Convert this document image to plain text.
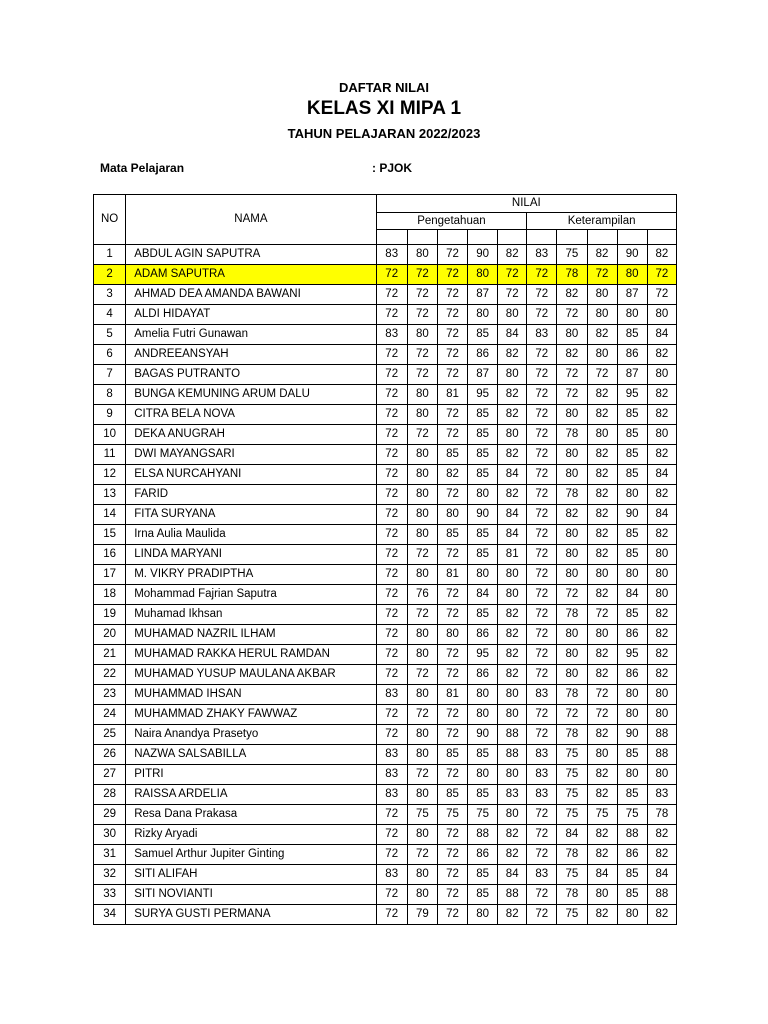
DAFTAR NILAI
KELAS XI MIPA 1
TAHUN PELAJARAN 2022/2023
Mata Pelajaran	: PJOK
NO	NAMA	NILAI									
		Pengetahuan					Keterampilan				

1	ABDUL AGIN SAPUTRA	83	80	72	90	82	83	75	82	90	82
2	ADAM SAPUTRA	72	72	72	80	72	72	78	72	80	72
3	AHMAD DEA AMANDA BAWANI	72	72	72	87	72	72	82	80	87	72
4	ALDI HIDAYAT	72	72	72	80	80	72	72	80	80	80
5	Amelia Futri Gunawan	83	80	72	85	84	83	80	82	85	84
6	ANDREEANSYAH	72	72	72	86	82	72	82	80	86	82
7	BAGAS PUTRANTO	72	72	72	87	80	72	72	72	87	80
8	BUNGA KEMUNING ARUM DALU	72	80	81	95	82	72	72	82	95	82
9	CITRA BELA NOVA	72	80	72	85	82	72	80	82	85	82
10	DEKA ANUGRAH	72	72	72	85	80	72	78	80	85	80
11	DWI MAYANGSARI	72	80	85	85	82	72	80	82	85	82
12	ELSA NURCAHYANI	72	80	82	85	84	72	80	82	85	84
13	FARID	72	80	72	80	82	72	78	82	80	82
14	FITA SURYANA	72	80	80	90	84	72	82	82	90	84
15	Irna Aulia Maulida	72	80	85	85	84	72	80	82	85	82
16	LINDA MARYANI	72	72	72	85	81	72	80	82	85	80
17	M. VIKRY PRADIPTHA	72	80	81	80	80	72	80	80	80	80
18	Mohammad Fajrian Saputra	72	76	72	84	80	72	72	82	84	80
19	Muhamad Ikhsan	72	72	72	85	82	72	78	72	85	82
20	MUHAMAD NAZRIL ILHAM	72	80	80	86	82	72	80	80	86	82
21	MUHAMAD RAKKA HERUL RAMDAN	72	80	72	95	82	72	80	82	95	82
22	MUHAMAD YUSUP MAULANA AKBAR	72	72	72	86	82	72	80	82	86	82
23	MUHAMMAD IHSAN	83	80	81	80	80	83	78	72	80	80
24	MUHAMMAD ZHAKY FAWWAZ	72	72	72	80	80	72	72	72	80	80
25	Naira Anandya Prasetyo	72	80	72	90	88	72	78	82	90	88
26	NAZWA SALSABILLA	83	80	85	85	88	83	75	80	85	88
27	PITRI	83	72	72	80	80	83	75	82	80	80
28	RAISSA ARDELIA	83	80	85	85	83	83	75	82	85	83
29	Resa Dana Prakasa	72	75	75	75	80	72	75	75	75	78
30	Rizky Aryadi	72	80	72	88	82	72	84	82	88	82
31	Samuel Arthur Jupiter Ginting	72	72	72	86	82	72	78	82	86	82
32	SITI ALIFAH	83	80	72	85	84	83	75	84	85	84
33	SITI NOVIANTI	72	80	72	85	88	72	78	80	85	88
34	SURYA GUSTI PERMANA	72	79	72	80	82	72	75	82	80	82
